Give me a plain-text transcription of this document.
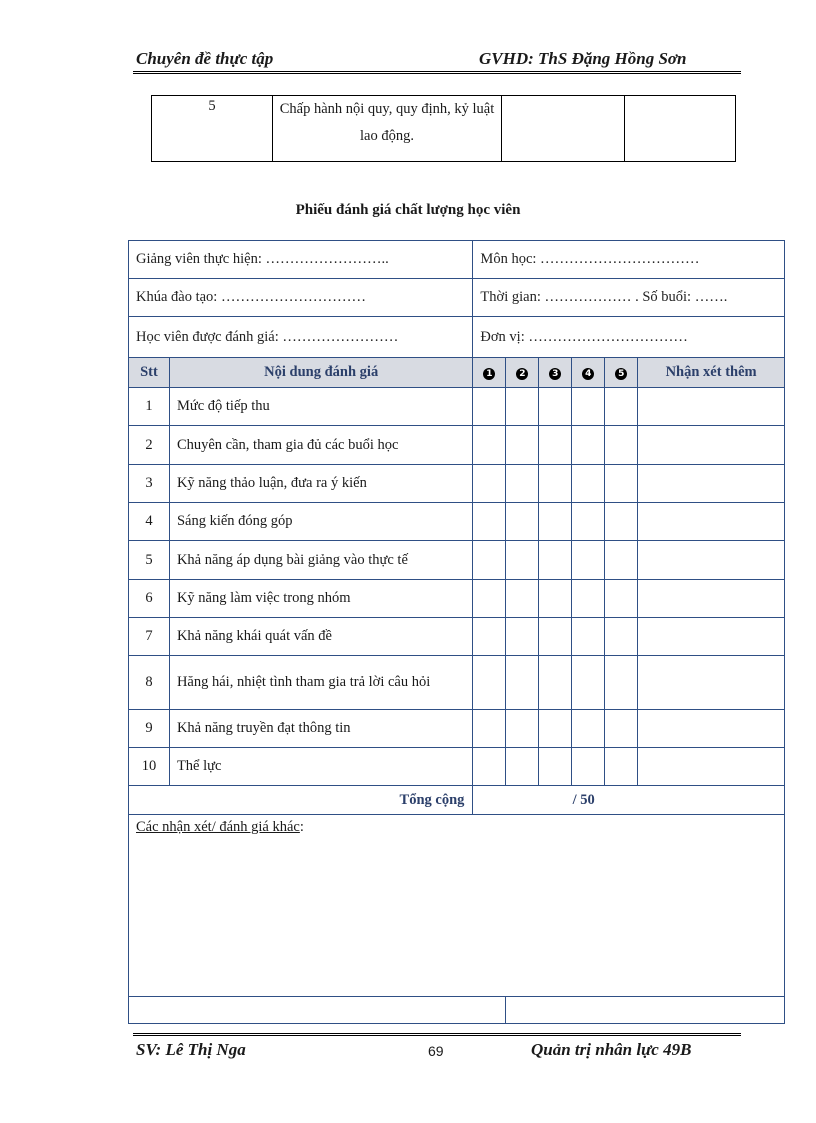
Chuyên đề thực tập	GVHD: ThS Đặng Hồng Sơn
5	Chấp hành nội quy, quy định, kỷ luật lao động.		
Phiếu đánh giá chất lượng học viên
Giảng viên thực hiện: ……………………..		Môn học: ……………………………					
Khúa đào tạo: …………………………		Thời gian: ……………… . Số buổi: …….					
Học viên được đánh giá: ……………………		Đơn vị: ……………………………					
Stt	Nội dung đánh giá	1	2	3	4	5	Nhận xét thêm
1	Mức độ tiếp thu						
2	Chuyên cần, tham gia đủ các buổi học						
3	Kỹ năng thảo luận, đưa ra ý kiến						
4	Sáng kiến đóng góp						
5	Khả năng áp dụng bài giảng vào thực tế						
6	Kỹ năng làm việc trong nhóm						
7	Khả năng khái quát vấn đề						
8	Hăng hái, nhiệt tình tham gia trả lời câu hỏi						
9	Khả năng truyền đạt thông tin						
10	Thể lực						
Tổng cộng		/ 50					
Các nhận xét/ đánh giá khác:							

SV: Lê Thị Nga	69	Quản trị nhân lực 49B
